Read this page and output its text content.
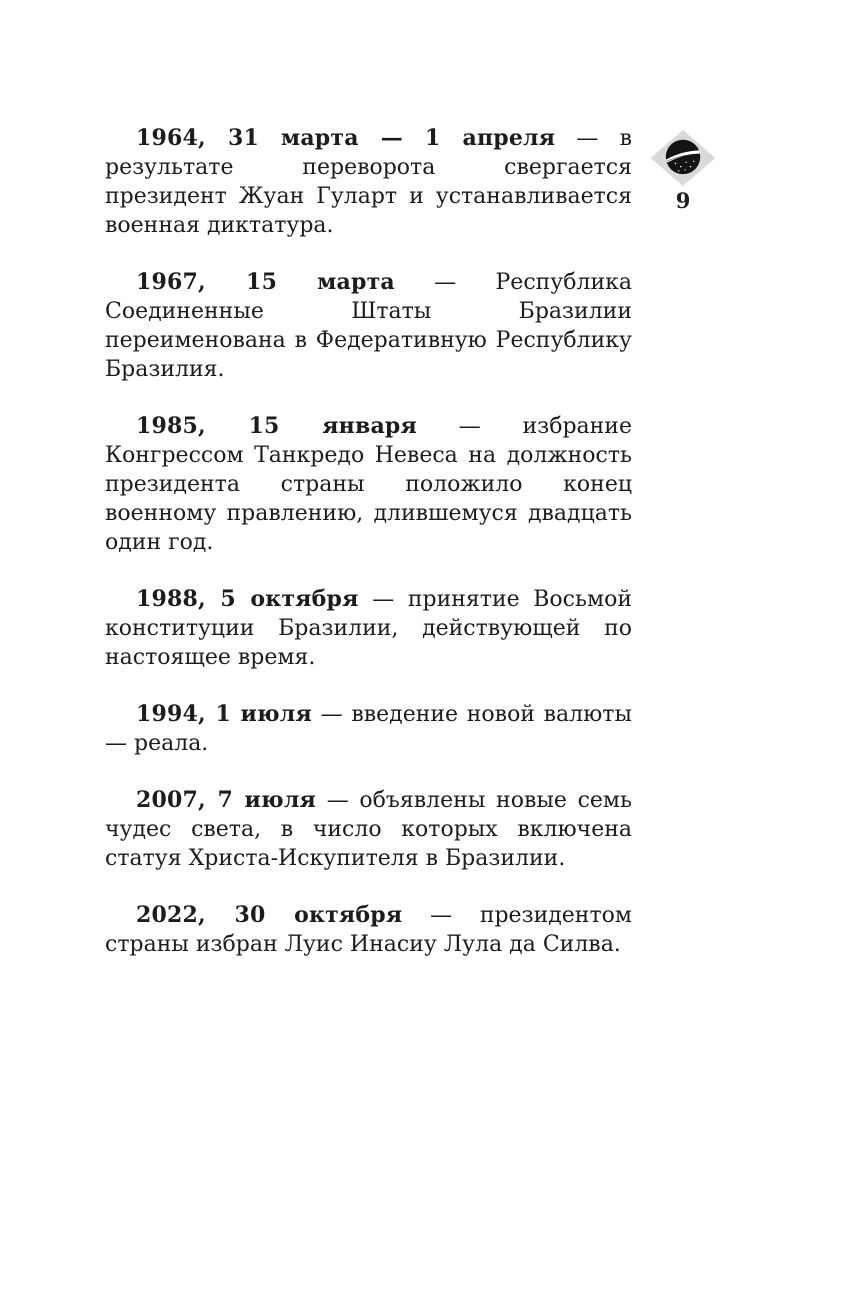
9

1964, 31 марта — 1 апреля — в результате переворота свергается президент Жуан Гуларт и устанавливается военная диктатура.

1967, 15 марта — Республика Соединенные Штаты Бразилии переименована в Федеративную Республику Бразилия.

1985, 15 января — избрание Конгрессом Танкредо Невеса на должность президента страны положило конец военному правлению, длившемуся двадцать один год.

1988, 5 октября — принятие Восьмой конституции Бразилии, действующей по настоящее время.

1994, 1 июля — введение новой валюты — реала.

2007, 7 июля — объявлены новые семь чудес света, в число которых включена статуя Христа-Искупителя в Бразилии.

2022, 30 октября — президентом страны избран Луис Инасиу Лула да Силва.
